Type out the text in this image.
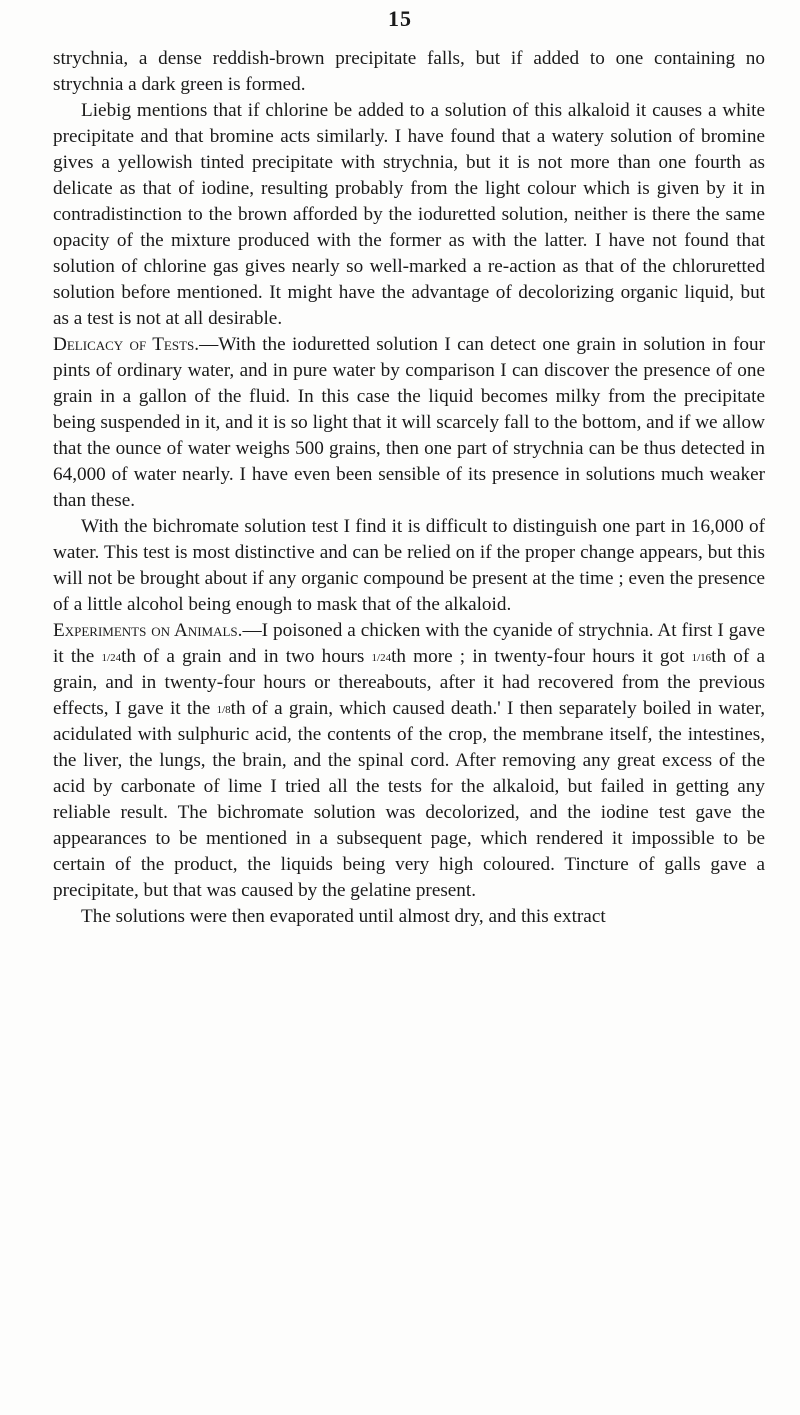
15

strychnia, a dense reddish-brown precipitate falls, but if added to one containing no strychnia a dark green is formed.

Liebig mentions that if chlorine be added to a solution of this alkaloid it causes a white precipitate and that bromine acts similarly. I have found that a watery solution of bromine gives a yellowish tinted precipitate with strychnia, but it is not more than one fourth as delicate as that of iodine, resulting probably from the light colour which is given by it in contradistinction to the brown afforded by the ioduretted solution, neither is there the same opacity of the mixture produced with the former as with the latter. I have not found that solution of chlorine gas gives nearly so well-marked a re-action as that of the chloruretted solution before mentioned. It might have the advantage of decolorizing organic liquid, but as a test is not at all desirable.

Delicacy of Tests.—With the ioduretted solution I can detect one grain in solution in four pints of ordinary water, and in pure water by comparison I can discover the presence of one grain in a gallon of the fluid. In this case the liquid becomes milky from the precipitate being suspended in it, and it is so light that it will scarcely fall to the bottom, and if we allow that the ounce of water weighs 500 grains, then one part of strychnia can be thus detected in 64,000 of water nearly. I have even been sensible of its presence in solutions much weaker than these.

With the bichromate solution test I find it is difficult to distinguish one part in 16,000 of water. This test is most distinctive and can be relied on if the proper change appears, but this will not be brought about if any organic compound be present at the time ; even the presence of a little alcohol being enough to mask that of the alkaloid.

Experiments on Animals.—I poisoned a chicken with the cyanide of strychnia. At first I gave it the 1/24th of a grain and in two hours 1/24th more ; in twenty-four hours it got 1/16th of a grain, and in twenty-four hours or thereabouts, after it had recovered from the previous effects, I gave it the 1/8th of a grain, which caused death.' I then separately boiled in water, acidulated with sulphuric acid, the contents of the crop, the membrane itself, the intestines, the liver, the lungs, the brain, and the spinal cord. After removing any great excess of the acid by carbonate of lime I tried all the tests for the alkaloid, but failed in getting any reliable result. The bichromate solution was decolorized, and the iodine test gave the appearances to be mentioned in a subsequent page, which rendered it impossible to be certain of the product, the liquids being very high coloured. Tincture of galls gave a precipitate, but that was caused by the gelatine present.

The solutions were then evaporated until almost dry, and this extract
